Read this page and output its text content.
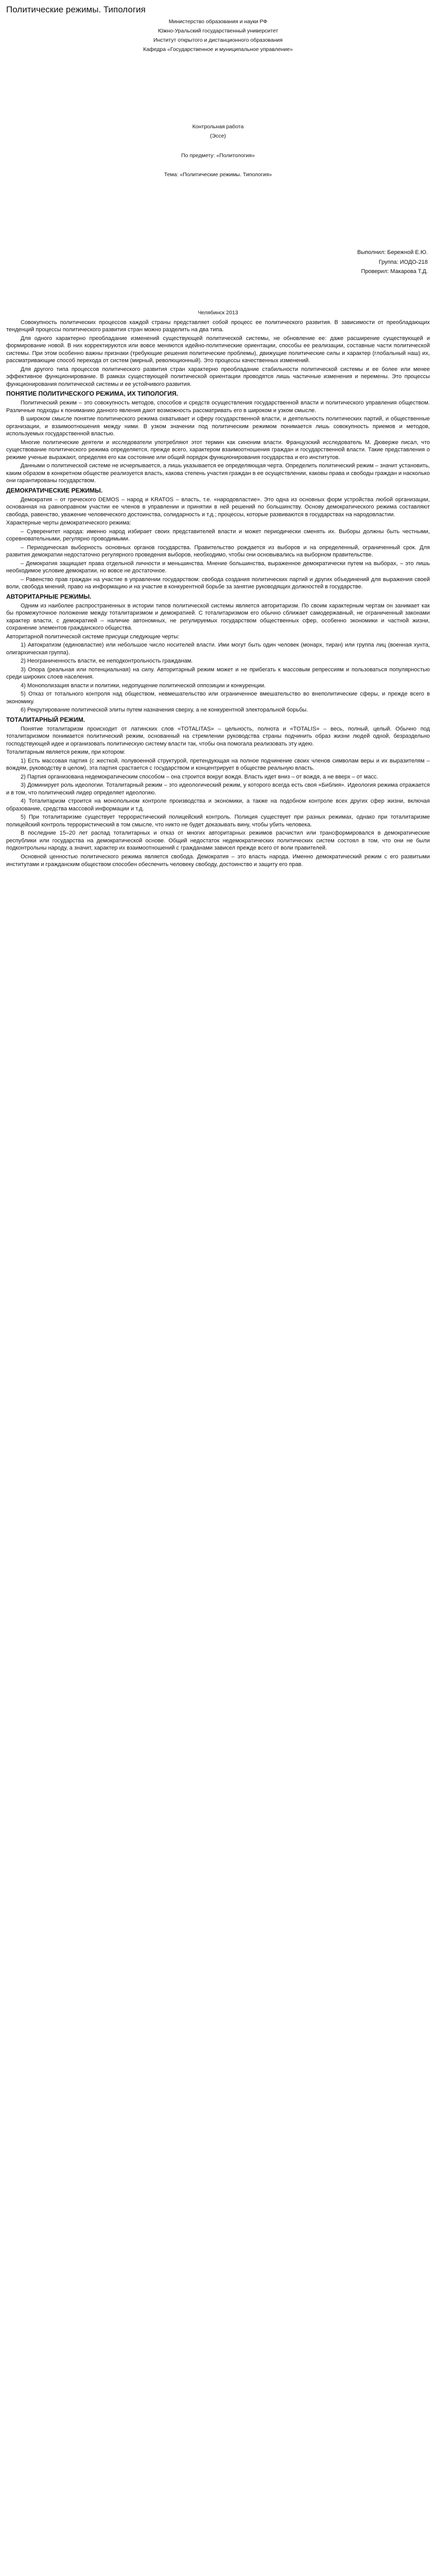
Политические режимы. Типология

Министерство образования и науки РФ

Южно-Уральский государственный университет

Институт открытого и дистанционного образования

Кафедра «Государственное и муниципальное управление»

Контрольная работа

(Эссе)

По предмету: «Политология»

Тема: «Политические режимы. Типология»

Выполнил: Бережной Е.Ю.

Группа: ИОДО-218

Проверил: Макарова Т.Д.

Челябинск 2013

Совокупность политических процессов каждой страны представляет собой процесс ее политического развития. В зависимости от преобладающих тенденций процессы политического развития стран можно разделить на два типа.

Для одного характерно преобладание изменений существующей политической системы, не обновление ее: даже расширение существующей и формирование новой. В них корректируются или вовсе меняются идейно-политические ориентации, способы ее реализации, составные части политической системы. При этом особенно важны признаки (требующие решения политические проблемы), движущие политические силы и характер (глобальный наш) их, рассматривающие способ перехода от систем (мирный, революционный). Это процессы качественных изменений.

Для другого типа процессов политического развития стран характерно преобладание стабильности политической системы и ее более или менее эффективное функционирование. В рамках существующей политической ориентации проводятся лишь частичные изменения и перемены. Это процессы функционирования политической системы и ее устойчивого развития.

ПОНЯТИЕ ПОЛИТИЧЕСКОГО РЕЖИМА, ИХ ТИПОЛОГИЯ.

Политический режим – это совокупность методов, способов и средств осуществления государственной власти и политического управления обществом. Различные подходы к пониманию данного явления дают возможность рассматривать его в широком и узком смысле.

В широком смысле понятие политического режима охватывает и сферу государственной власти, и деятельность политических партий, и общественные организации, и взаимоотношения между ними. В узком значении под политическим режимом понимается лишь совокупность приемов и методов, используемых государственной властью.

Многие политические деятели и исследователи употребляют этот термин как синоним власти. Французский исследователь М. Дюверже писал, что существование политического режима определяется, прежде всего, характером взаимоотношения граждан и государственной власти. Такие представления о режиме ученые выражают, определяя его как состояние или общий порядок функционирования государства и его институтов.

Данными о политической системе не исчерпывается, а лишь указывается ее определяющая черта. Определить политический режим – значит установить, каким образом в конкретном обществе реализуется власть, какова степень участия граждан в ее осуществлении, каковы права и свободы граждан и насколько они гарантированы государством.

ДЕМОКРАТИЧЕСКИЕ РЕЖИМЫ.

Демократия – от греческого DEMOS – народ и KRATOS – власть, т.е. «народовластие». Это одна из основных форм устройства любой организации, основанная на равноправном участии ее членов в управлении и принятии в ней решений по большинству. Основу демократического режима составляют свобода, равенство, уважение человеческого достоинства, солидарность и т.д.; процессы, которые развиваются в государствах на народовластии.

Характерные черты демократического режима:

– Суверенитет народа: именно народ избирает своих представителей власти и может периодически сменять их. Выборы должны быть честными, соревновательными, регулярно проводимыми.

– Периодическая выборность основных органов государства. Правительство рождается из выборов и на определенный, ограниченный срок. Для развития демократии недостаточно регулярного проведения выборов, необходимо, чтобы они основывались на выборном правительстве.

– Демократия защищает права отдельной личности и меньшинства. Мнение большинства, выраженное демократически путем на выборах, – это лишь необходимое условие демократии, но вовсе не достаточное.

– Равенство прав граждан на участие в управлении государством: свобода создания политических партий и других объединений для выражения своей воли, свобода мнений, право на информацию и на участие в конкурентной борьбе за занятие руководящих должностей в государстве.

АВТОРИТАРНЫЕ РЕЖИМЫ.

Одним из наиболее распространенных в истории типов политической системы является авторитаризм. По своим характерным чертам он занимает как бы промежуточное положение между тоталитаризмом и демократией. С тоталитаризмом его обычно сближает самодержавный, не ограниченный законами характер власти, с демократией – наличие автономных, не регулируемых государством общественных сфер, особенно экономики и частной жизни, сохранение элементов гражданского общества.

Авторитарной политической системе присущи следующие черты:

1) Автократизм (единовластие) или небольшое число носителей власти. Ими могут быть один человек (монарх, тиран) или группа лиц (военная хунта, олигархическая группа).

2) Неограниченность власти, ее неподконтрольность гражданам.

3) Опора (реальная или потенциальная) на силу. Авторитарный режим может и не прибегать к массовым репрессиям и пользоваться популярностью среди широких слоев населения.

4) Монополизация власти и политики, недопущение политической оппозиции и конкуренции.

5) Отказ от тотального контроля над обществом, невмешательство или ограниченное вмешательство во внеполитические сферы, и прежде всего в экономику.

6) Рекрутирование политической элиты путем назначения сверху, а не конкурентной электоральной борьбы.

ТОТАЛИТАРНЫЙ РЕЖИМ.

Понятие тоталитаризм происходит от латинских слов «TOTALITAS» – цельность, полнота и «TOTALIS» – весь, полный, целый. Обычно под тоталитаризмом понимается политический режим, основанный на стремлении руководства страны подчинить образ жизни людей одной, безраздельно господствующей идее и организовать политическую систему власти так, чтобы она помогала реализовать эту идею.

Тоталитарным является режим, при котором:

1) Есть массовая партия (с жесткой, полувоенной структурой, претендующая на полное подчинение своих членов символам веры и их выразителям – вождям, руководству в целом), эта партия срастается с государством и концентрирует в обществе реальную власть.

2) Партия организована недемократическим способом – она строится вокруг вождя. Власть идет вниз – от вождя, а не вверх – от масс.

3) Доминирует роль идеологии. Тоталитарный режим – это идеологический режим, у которого всегда есть своя «Библия». Идеология режима отражается и в том, что политический лидер определяет идеологию.

4) Тоталитаризм строится на монопольном контроле производства и экономики, а также на подобном контроле всех других сфер жизни, включая образование, средства массовой информации и т.д.

5) При тоталитаризме существует террористический полицейский контроль. Полиция существует при разных режимах, однако при тоталитаризме полицейский контроль террористический в том смысле, что никто не будет доказывать вину, чтобы убить человека.

В последние 15–20 лет распад тоталитарных и отказ от многих авторитарных режимов расчистил или трансформировался в демократические республики или государства на демократической основе. Общий недостаток недемократических политических систем состоял в том, что они не были подконтрольны народу, а значит, характер их взаимоотношений с гражданами зависел прежде всего от воли правителей.

Основной ценностью политического режима является свобода. Демократия – это власть народа. Именно демократический режим с его развитыми институтами и гражданским обществом способен обеспечить человеку свободу, достоинство и защиту его прав.
